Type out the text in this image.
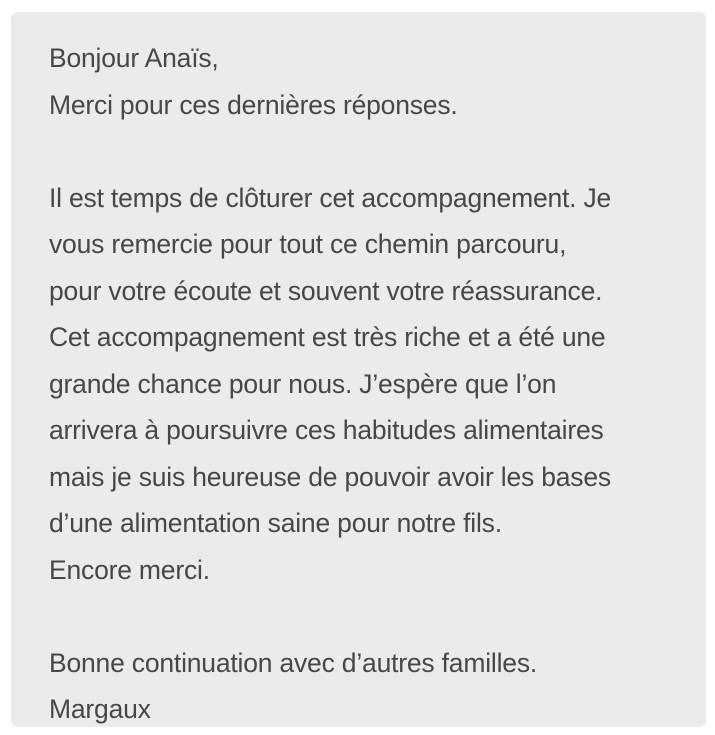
Bonjour Anaïs,
Merci pour ces dernières réponses.
Il est temps de clôturer cet accompagnement. Je
vous remercie pour tout ce chemin parcouru,
pour votre écoute et souvent votre réassurance.
Cet accompagnement est très riche et a été une
grande chance pour nous. J’espère que l’on
arrivera à poursuivre ces habitudes alimentaires
mais je suis heureuse de pouvoir avoir les bases
d’une alimentation saine pour notre fils.
Encore merci.
Bonne continuation avec d’autres familles.
Margaux
